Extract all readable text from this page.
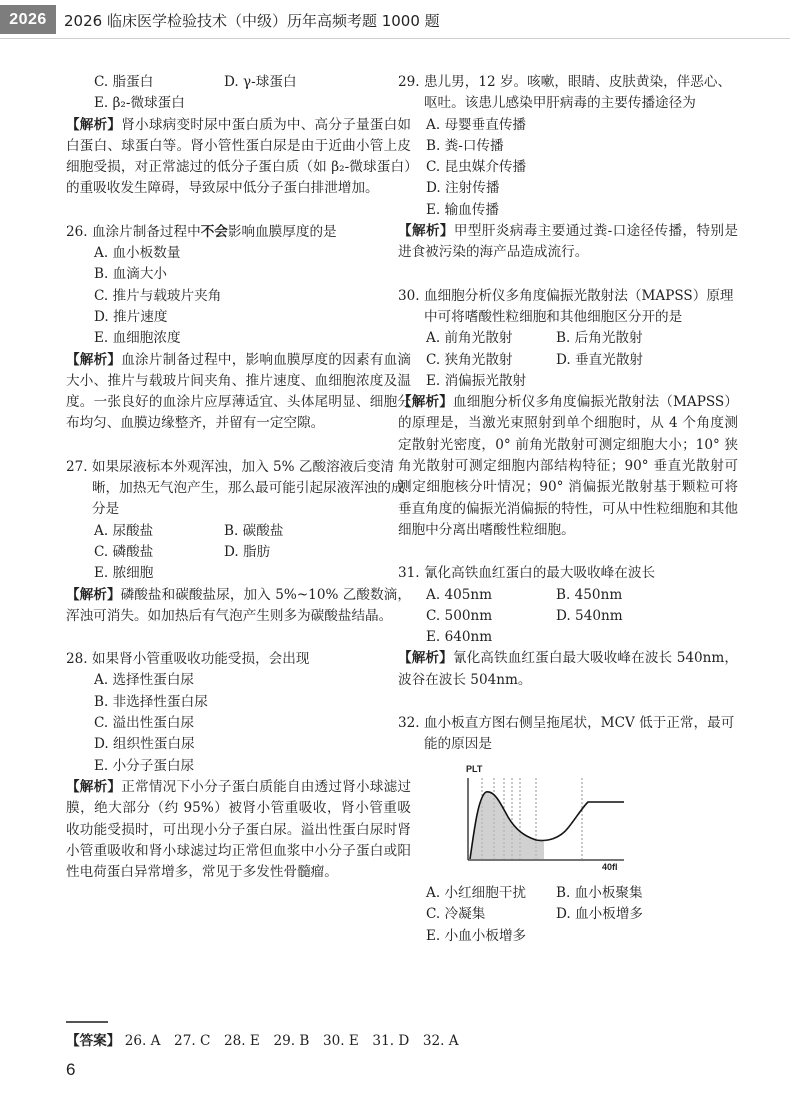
2026	2026 临床医学检验技术（中级）历年高频考题 1000 题
C. 脂蛋白	D. γ-球蛋白
E. β₂-微球蛋白
【解析】肾小球病变时尿中蛋白质为中、高分子量蛋白如白蛋白、球蛋白等。肾小管性蛋白尿是由于近曲小管上皮细胞受损，对正常滤过的低分子蛋白质（如 β₂-微球蛋白）的重吸收发生障碍，导致尿中低分子蛋白排泄增加。
26. 血涂片制备过程中不会影响血膜厚度的是
A. 血小板数量
B. 血滴大小
C. 推片与载玻片夹角
D. 推片速度
E. 血细胞浓度
【解析】血涂片制备过程中，影响血膜厚度的因素有血滴大小、推片与载玻片间夹角、推片速度、血细胞浓度及温度。一张良好的血涂片应厚薄适宜、头体尾明显、细胞分布均匀、血膜边缘整齐，并留有一定空隙。
27. 如果尿液标本外观浑浊，加入 5% 乙酸溶液后变清晰，加热无气泡产生，那么最可能引起尿液浑浊的成分是
A. 尿酸盐	B. 碳酸盐
C. 磷酸盐	D. 脂肪
E. 脓细胞
【解析】磷酸盐和碳酸盐尿，加入 5%~10% 乙酸数滴，浑浊可消失。如加热后有气泡产生则多为碳酸盐结晶。
28. 如果肾小管重吸收功能受损，会出现
A. 选择性蛋白尿
B. 非选择性蛋白尿
C. 溢出性蛋白尿
D. 组织性蛋白尿
E. 小分子蛋白尿
【解析】正常情况下小分子蛋白质能自由透过肾小球滤过膜，绝大部分（约 95%）被肾小管重吸收，肾小管重吸收功能受损时，可出现小分子蛋白尿。溢出性蛋白尿时肾小管重吸收和肾小球滤过均正常但血浆中小分子蛋白或阳性电荷蛋白异常增多，常见于多发性骨髓瘤。
29. 患儿男，12 岁。咳嗽，眼睛、皮肤黄染，伴恶心、呕吐。该患儿感染甲肝病毒的主要传播途径为
A. 母婴垂直传播
B. 粪-口传播
C. 昆虫媒介传播
D. 注射传播
E. 输血传播
【解析】甲型肝炎病毒主要通过粪-口途径传播，特别是进食被污染的海产品造成流行。
30. 血细胞分析仪多角度偏振光散射法（MAPSS）原理中可将嗜酸性粒细胞和其他细胞区分开的是
A. 前角光散射	B. 后角光散射
C. 狭角光散射	D. 垂直光散射
E. 消偏振光散射
【解析】血细胞分析仪多角度偏振光散射法（MAPSS）的原理是，当激光束照射到单个细胞时，从 4 个角度测定散射光密度，0° 前角光散射可测定细胞大小；10° 狭角光散射可测定细胞内部结构特征；90° 垂直光散射可测定细胞核分叶情况；90° 消偏振光散射基于颗粒可将垂直角度的偏振光消偏振的特性，可从中性粒细胞和其他细胞中分离出嗜酸性粒细胞。
31. 氰化高铁血红蛋白的最大吸收峰在波长
A. 405nm	B. 450nm
C. 500nm	D. 540nm
E. 640nm
【解析】氰化高铁血红蛋白最大吸收峰在波长 540nm，波谷在波长 504nm。
32. 血小板直方图右侧呈拖尾状，MCV 低于正常，最可能的原因是
PLT
40fl
A. 小红细胞干扰	B. 血小板聚集
C. 冷凝集	D. 血小板增多
E. 小血小板增多
【答案】 26. A　27. C　28. E　29. B　30. E　31. D　32. A
6
